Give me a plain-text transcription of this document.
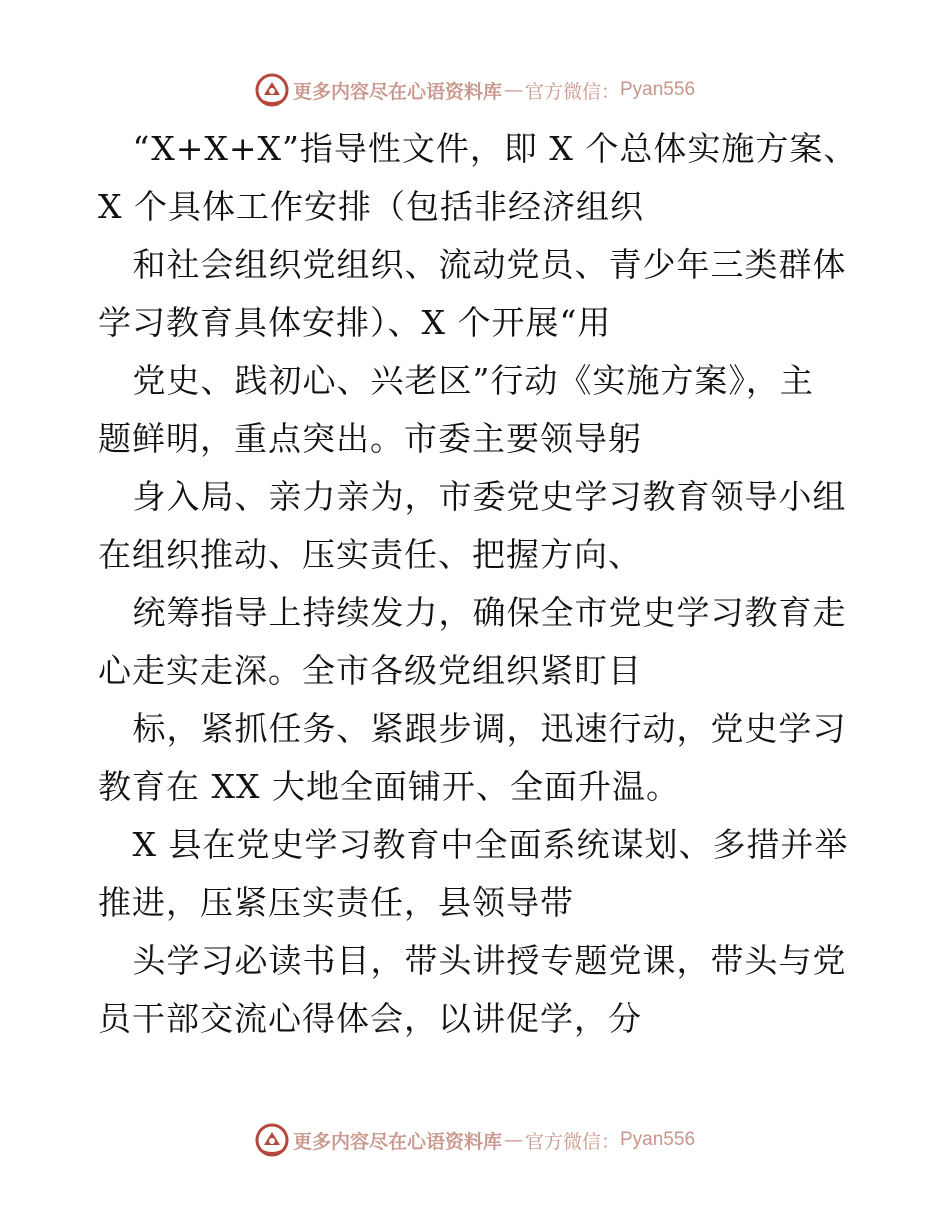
更多内容尽在心语资料库 — 官方微信： Pyan556
“X+X+X”指导性文件，即 X 个总体实施方案、
X 个具体工作安排（包括非经济组织
和社会组织党组织、流动党员、青少年三类群体
学习教育具体安排）、X 个开展“用
党史、践初心、兴老区”行动《实施方案》，主
题鲜明，重点突出。市委主要领导躬
身入局、亲力亲为，市委党史学习教育领导小组
在组织推动、压实责任、把握方向、
统筹指导上持续发力，确保全市党史学习教育走
心走实走深。全市各级党组织紧盯目
标，紧抓任务、紧跟步调，迅速行动，党史学习
教育在 XX 大地全面铺开、全面升温。
X 县在党史学习教育中全面系统谋划、多措并举
推进，压紧压实责任，县领导带
头学习必读书目，带头讲授专题党课，带头与党
员干部交流心得体会，以讲促学，分
更多内容尽在心语资料库 — 官方微信： Pyan556
